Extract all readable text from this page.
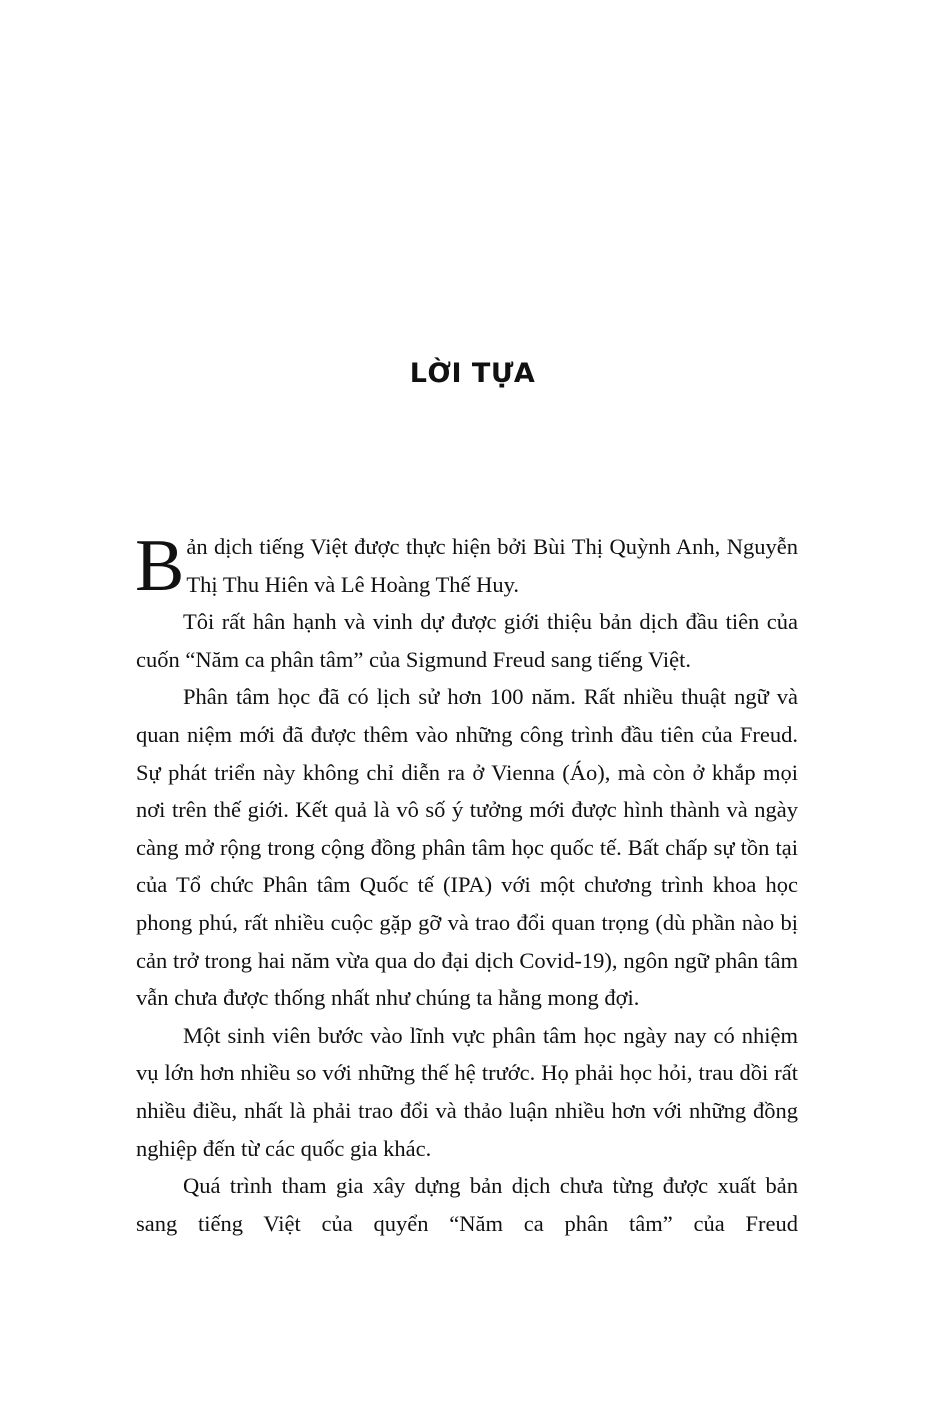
LỜI TỰA

Bản dịch tiếng Việt được thực hiện bởi Bùi Thị Quỳnh Anh, Nguyễn Thị Thu Hiên và Lê Hoàng Thế Huy.

Tôi rất hân hạnh và vinh dự được giới thiệu bản dịch đầu tiên của cuốn “Năm ca phân tâm” của Sigmund Freud sang tiếng Việt.

Phân tâm học đã có lịch sử hơn 100 năm. Rất nhiều thuật ngữ và quan niệm mới đã được thêm vào những công trình đầu tiên của Freud. Sự phát triển này không chỉ diễn ra ở Vienna (Áo), mà còn ở khắp mọi nơi trên thế giới. Kết quả là vô số ý tưởng mới được hình thành và ngày càng mở rộng trong cộng đồng phân tâm học quốc tế. Bất chấp sự tồn tại của Tổ chức Phân tâm Quốc tế (IPA) với một chương trình khoa học phong phú, rất nhiều cuộc gặp gỡ và trao đổi quan trọng (dù phần nào bị cản trở trong hai năm vừa qua do đại dịch Covid-19), ngôn ngữ phân tâm vẫn chưa được thống nhất như chúng ta hằng mong đợi.

Một sinh viên bước vào lĩnh vực phân tâm học ngày nay có nhiệm vụ lớn hơn nhiều so với những thế hệ trước. Họ phải học hỏi, trau dồi rất nhiều điều, nhất là phải trao đổi và thảo luận nhiều hơn với những đồng nghiệp đến từ các quốc gia khác.

Quá trình tham gia xây dựng bản dịch chưa từng được xuất bản sang tiếng Việt của quyển “Năm ca phân tâm” của Freud
